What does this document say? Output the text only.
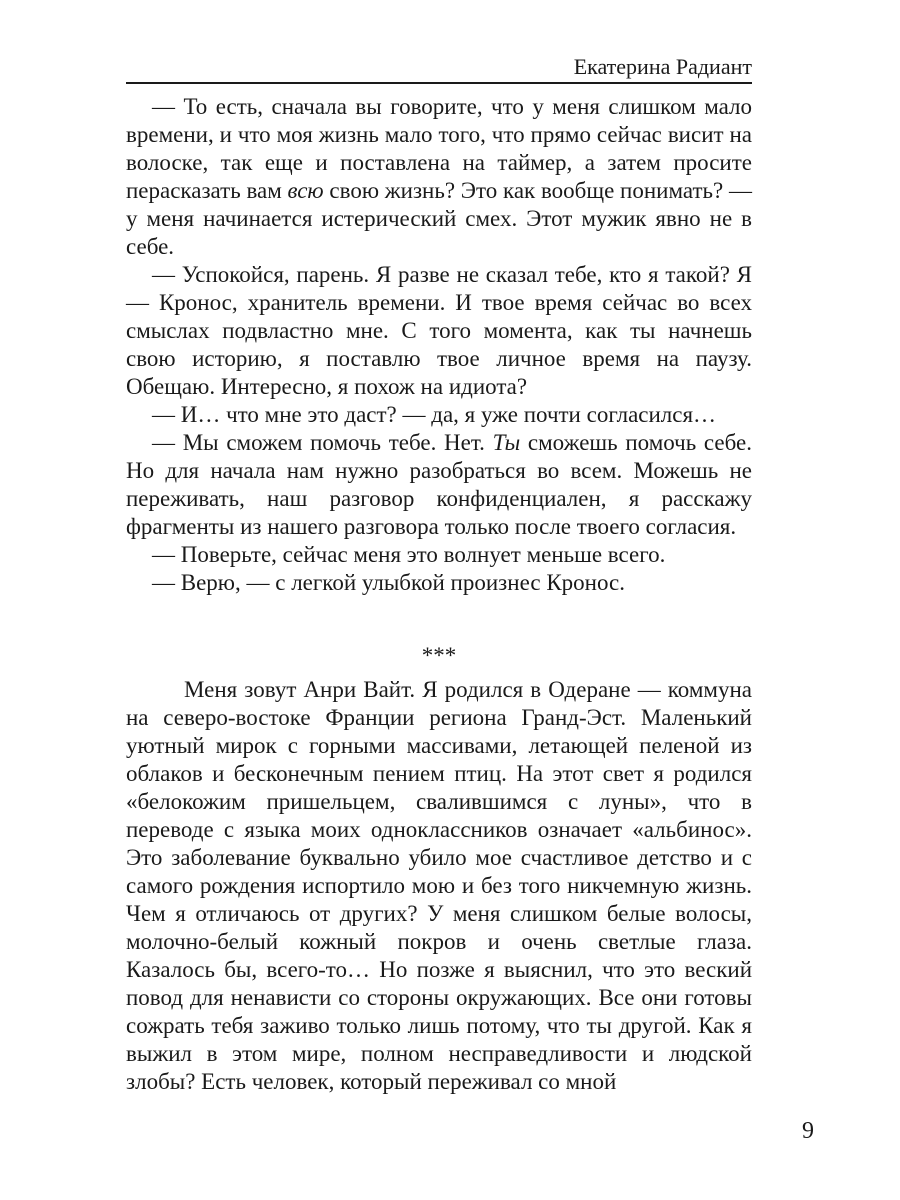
Екатерина Радиант

— То есть, сначала вы говорите, что у меня слишком мало времени, и что моя жизнь мало того, что прямо сейчас висит на волоске, так еще и поставлена на таймер, а затем просите перасказать вам всю свою жизнь? Это как вообще понимать? — у меня начинается истерический смех. Этот мужик явно не в себе.

— Успокойся, парень. Я разве не сказал тебе, кто я такой? Я — Кронос, хранитель времени. И твое время сейчас во всех смыслах подвластно мне. С того момента, как ты начнешь свою историю, я поставлю твое личное время на паузу. Обещаю. Интересно, я похож на идиота?

— И… что мне это даст? — да, я уже почти согласился…

— Мы сможем помочь тебе. Нет. Ты сможешь помочь себе. Но для начала нам нужно разобраться во всем. Можешь не переживать, наш разговор конфиденциален, я расскажу фрагменты из нашего разговора только после твоего согласия.

— Поверьте, сейчас меня это волнует меньше всего.

— Верю, — с легкой улыбкой произнес Кронос.

***

Меня зовут Анри Вайт. Я родился в Одеране — коммуна на северо-востоке Франции региона Гранд-Эст. Маленький уютный мирок с горными массивами, летающей пеленой из облаков и бесконечным пением птиц. На этот свет я родился «белокожим пришельцем, свалившимся с луны», что в переводе с языка моих одноклассников означает «альбинос». Это заболевание буквально убило мое счастливое детство и с самого рождения испортило мою и без того никчемную жизнь. Чем я отличаюсь от других? У меня слишком белые волосы, молочно-белый кожный покров и очень светлые глаза. Казалось бы, всего-то… Но позже я выяснил, что это веский повод для ненависти со стороны окружающих. Все они готовы сожрать тебя заживо только лишь потому, что ты другой. Как я выжил в этом мире, полном несправедливости и людской злобы? Есть человек, который переживал со мной

9
